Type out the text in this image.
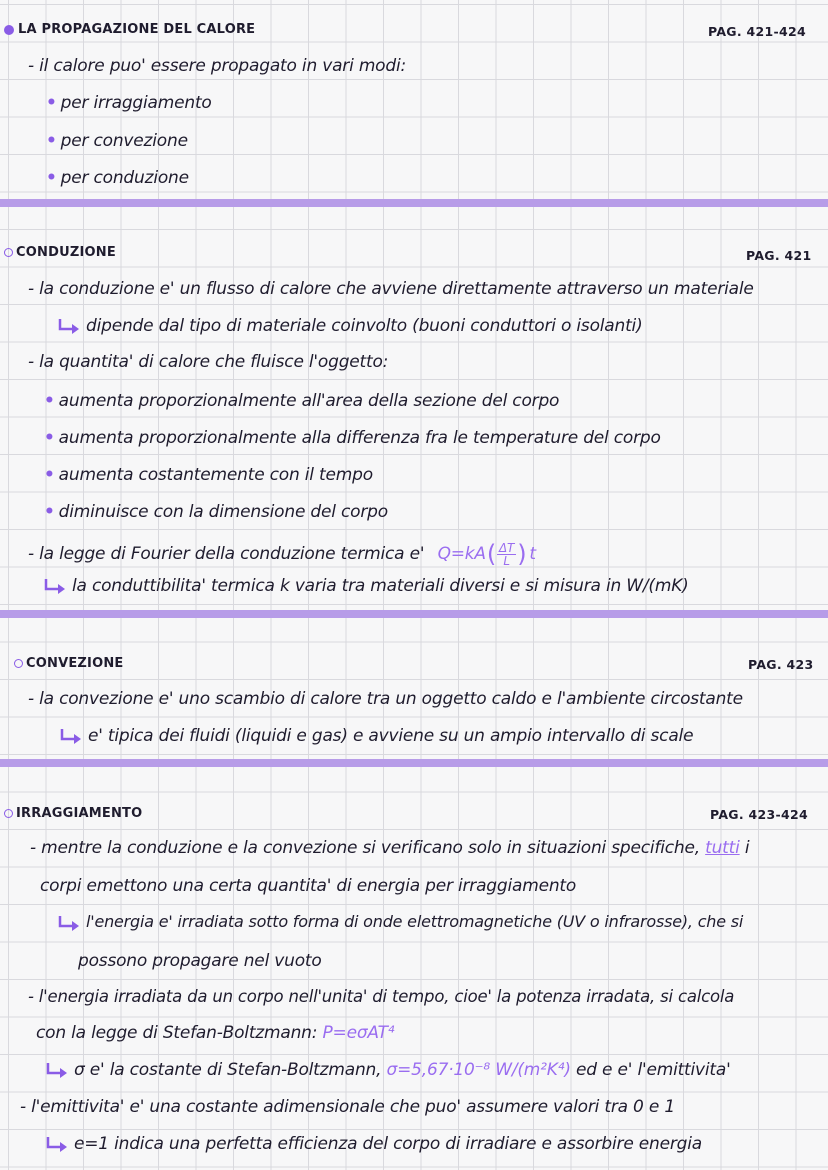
LA PROPAGAZIONE DEL CALORE	PAG. 421-424
- il calore puo' essere propagato in vari modi:
• per irraggiamento
• per convezione
• per conduzione
CONDUZIONE	PAG. 421
- la conduzione e' un flusso di calore che avviene direttamente attraverso un materiale
dipende dal tipo di materiale coinvolto (buoni conduttori o isolanti)
- la quantita' di calore che fluisce l'oggetto:
• aumenta proporzionalmente all'area della sezione del corpo
• aumenta proporzionalmente alla differenza fra le temperature del corpo
• aumenta costantemente con il tempo
• diminuisce con la dimensione del corpo
- la legge di Fourier della conduzione termica e' Q=kA ( ΔT
L ) t
la conduttibilita' termica k varia tra materiali diversi e si misura in W/(mK)
CONVEZIONE	PAG. 423
- la convezione e' uno scambio di calore tra un oggetto caldo e l'ambiente circostante
e' tipica dei fluidi (liquidi e gas) e avviene su un ampio intervallo di scale
IRRAGGIAMENTO	PAG. 423-424
- mentre la conduzione e la convezione si verificano solo in situazioni specifiche, tutti i
corpi emettono una certa quantita' di energia per irraggiamento
l'energia e' irradiata sotto forma di onde elettromagnetiche (UV o infrarosse), che si
possono propagare nel vuoto
- l'energia irradiata da un corpo nell'unita' di tempo, cioe' la potenza irradata, si calcola
con la legge di Stefan-Boltzmann: P=eσAT⁴
σ e' la costante di Stefan-Boltzmann, σ=5,67·10⁻⁸ W/(m²K⁴) ed e e' l'emittivita'
- l'emittivita' e' una costante adimensionale che puo' assumere valori tra 0 e 1
e=1 indica una perfetta efficienza del corpo di irradiare e assorbire energia
